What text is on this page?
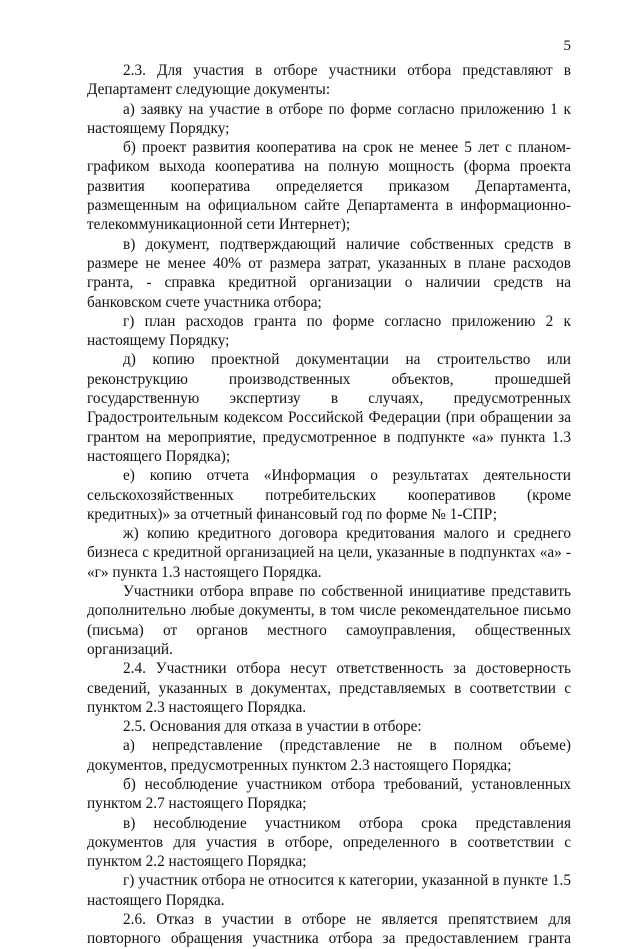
5

2.3. Для участия в отборе участники отбора представляют в Департамент следующие документы:

а) заявку на участие в отборе по форме согласно приложению 1 к настоящему Порядку;

б) проект развития кооператива на срок не менее 5 лет с планом-графиком выхода кооператива на полную мощность (форма проекта развития кооператива определяется приказом Департамента, размещенным на официальном сайте Департамента в информационно-телекоммуникационной сети Интернет);

в) документ, подтверждающий наличие собственных средств в размере не менее 40% от размера затрат, указанных в плане расходов гранта, - справка кредитной организации о наличии средств на банковском счете участника отбора;

г) план расходов гранта по форме согласно приложению 2 к настоящему Порядку;

д) копию проектной документации на строительство или реконструкцию производственных объектов, прошедшей государственную экспертизу в случаях, предусмотренных Градостроительным кодексом Российской Федерации (при обращении за грантом на мероприятие, предусмотренное в подпункте «а» пункта 1.3 настоящего Порядка);

е) копию отчета «Информация о результатах деятельности сельскохозяйственных потребительских кооперативов (кроме кредитных)» за отчетный финансовый год по форме № 1-СПР;

ж) копию кредитного договора кредитования малого и среднего бизнеса с кредитной организацией на цели, указанные в подпунктах «а» - «г» пункта 1.3 настоящего Порядка.

Участники отбора вправе по собственной инициативе представить дополнительно любые документы, в том числе рекомендательное письмо (письма) от органов местного самоуправления, общественных организаций.

2.4. Участники отбора несут ответственность за достоверность сведений, указанных в документах, представляемых в соответствии с пунктом 2.3 настоящего Порядка.

2.5. Основания для отказа в участии в отборе:

а) непредставление (представление не в полном объеме) документов, предусмотренных пунктом 2.3 настоящего Порядка;

б) несоблюдение участником отбора требований, установленных пунктом 2.7 настоящего Порядка;

в) несоблюдение участником отбора срока представления документов для участия в отборе, определенного в соответствии с пунктом 2.2 настоящего Порядка;

г) участник отбора не относится к категории, указанной в пункте 1.5 настоящего Порядка.

2.6. Отказ в участии в отборе не является препятствием для повторного обращения участника отбора за предоставлением гранта
